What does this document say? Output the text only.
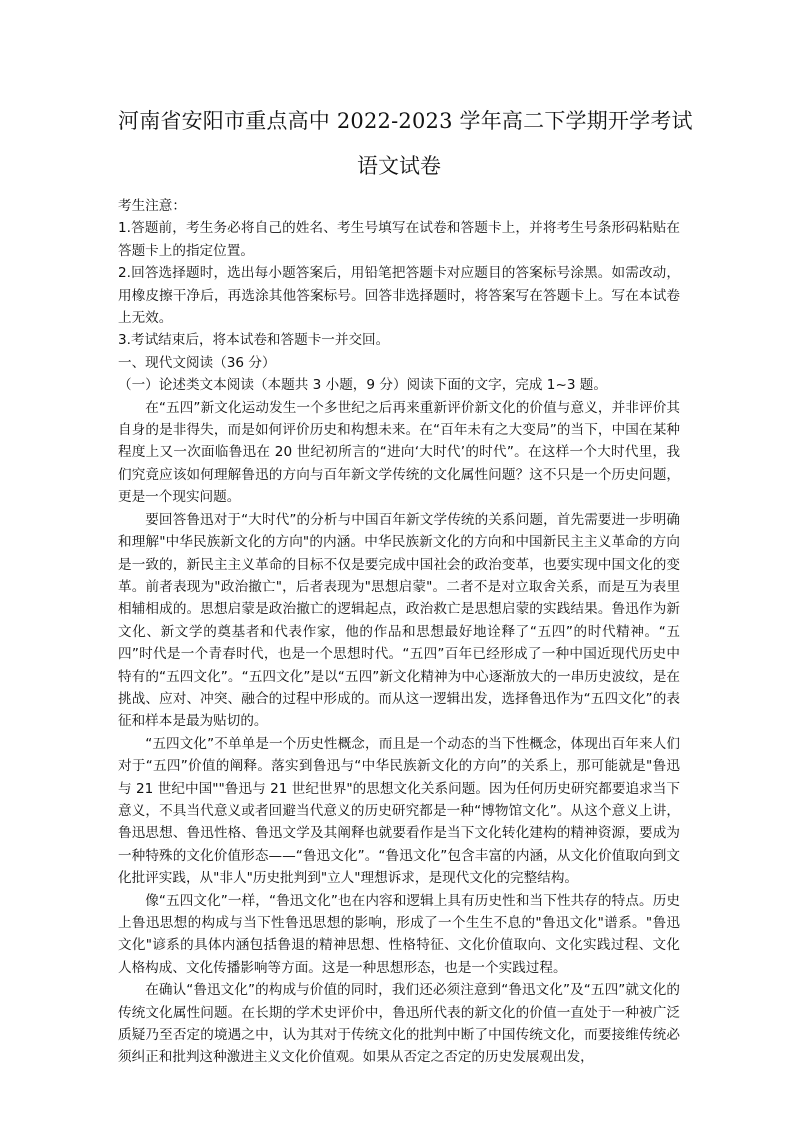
河南省安阳市重点高中 2022-2023 学年高二下学期开学考试
语文试卷

考生注意：

1.答题前，考生务必将自己的姓名、考生号填写在试卷和答题卡上，并将考生号条形码粘贴在答题卡上的指定位置。

2.回答选择题时，选出每小题答案后，用铅笔把答题卡对应题目的答案标号涂黑。如需改动，用橡皮擦干净后，再选涂其他答案标号。回答非选择题时，将答案写在答题卡上。写在本试卷上无效。

3.考试结束后，将本试卷和答题卡一并交回。

一、现代文阅读（36 分）

（一）论述类文本阅读（本题共 3 小题，9 分）阅读下面的文字，完成 1~3 题。

在“五四”新文化运动发生一个多世纪之后再来重新评价新文化的价值与意义，并非评价其自身的是非得失，而是如何评价历史和构想未来。在“百年未有之大变局”的当下，中国在某种程度上又一次面临鲁迅在 20 世纪初所言的“进向‘大时代’的时代”。在这样一个大时代里，我们究竟应该如何理解鲁迅的方向与百年新文学传统的文化属性问题？这不只是一个历史问题，更是一个现实问题。

要回答鲁迅对于“大时代”的分析与中国百年新文学传统的关系问题，首先需要进一步明确和理解"中华民族新文化的方向"的内涵。中华民族新文化的方向和中国新民主主义革命的方向是一致的，新民主主义革命的目标不仅是要完成中国社会的政治变革，也要实现中国文化的变革。前者表现为"政治撤亡"，后者表现为"思想启蒙"。二者不是对立取舍关系，而是互为表里相辅相成的。思想启蒙是政治撤亡的逻辑起点，政治救亡是思想启蒙的实践结果。鲁迅作为新文化、新文学的奠基者和代表作家，他的作品和思想最好地诠释了“五四”的时代精神。“五四”时代是一个青春时代，也是一个思想时代。“五四”百年已经形成了一种中国近现代历史中特有的“五四文化”。“五四文化”是以“五四”新文化精神为中心逐渐放大的一串历史波纹，是在挑战、应对、冲突、融合的过程中形成的。而从这一逻辑出发，选择鲁迅作为“五四文化”的表征和样本是最为贴切的。

“五四文化”不单单是一个历史性概念，而且是一个动态的当下性概念，体现出百年来人们对于“五四”价值的阐释。落实到鲁迅与“中华民族新文化的方向”的关系上，那可能就是"鲁迅与 21 世纪中国""鲁迅与 21 世纪世界"的思想文化关系问题。因为任何历史研究都要追求当下意义，不具当代意义或者回避当代意义的历史研究都是一种“博物馆文化”。从这个意义上讲，鲁迅思想、鲁迅性格、鲁迅文学及其阐释也就要看作是当下文化转化建构的精神资源，要成为一种特殊的文化价值形态——“鲁迅文化”。“鲁迅文化”包含丰富的内涵，从文化价值取向到文化批评实践，从"非人"历史批判到"立人"理想诉求，是现代文化的完整结构。

像“五四文化”一样，“鲁迅文化”也在内容和逻辑上具有历史性和当下性共存的特点。历史上鲁迅思想的构成与当下性鲁迅思想的影响，形成了一个生生不息的"鲁迅文化"谱系。"鲁迅文化"谚系的具体内涵包括鲁退的精神思想、性格特征、文化价值取向、文化实践过程、文化人格构成、文化传播影响等方面。这是一种思想形态，也是一个实践过程。

在确认“鲁迅文化”的构成与价值的同时，我们还必须注意到“鲁迅文化”及“五四”就文化的传统文化属性问题。在长期的学术史评价中，鲁迅所代表的新文化的价值一直处于一种被广泛质疑乃至否定的境遇之中，认为其对于传统文化的批判中断了中国传统文化，而要接维传统必须纠正和批判这种激进主义文化价值观。如果从否定之否定的历史发展观出发，
